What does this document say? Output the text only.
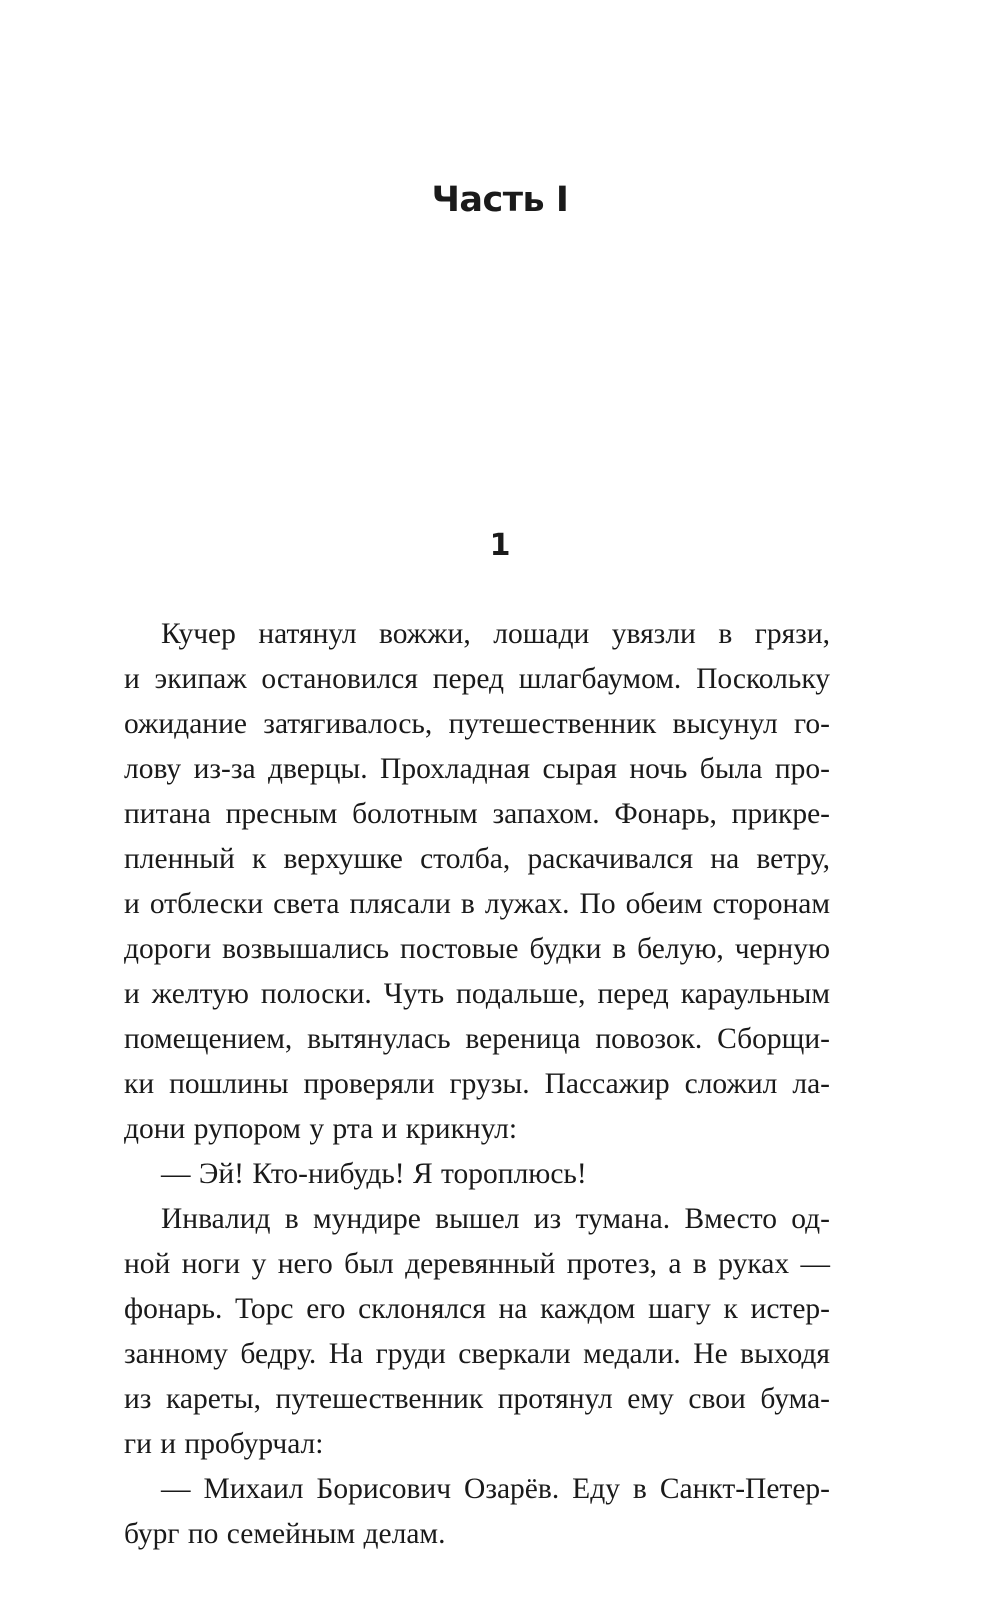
Часть I
1
Кучер натянул вожжи, лошади увязли в грязи,
и экипаж остановился перед шлагбаумом. Поскольку
ожидание затягивалось, путешественник высунул го-
лову из-за дверцы. Прохладная сырая ночь была про-
питана пресным болотным запахом. Фонарь, прикре-
пленный к верхушке столба, раскачивался на ветру,
и отблески света плясали в лужах. По обеим сторонам
дороги возвышались постовые будки в белую, черную
и желтую полоски. Чуть подальше, перед караульным
помещением, вытянулась вереница повозок. Сборщи-
ки пошлины проверяли грузы. Пассажир сложил ла-
дони рупором у рта и крикнул:
— Эй! Кто-нибудь! Я тороплюсь!
Инвалид в мундире вышел из тумана. Вместо од-
ной ноги у него был деревянный протез, а в руках —
фонарь. Торс его склонялся на каждом шагу к истер-
занному бедру. На груди сверкали медали. Не выходя
из кареты, путешественник протянул ему свои бума-
ги и пробурчал:
— Михаил Борисович Озарёв. Еду в Санкт-Петер-
бург по семейным делам.
